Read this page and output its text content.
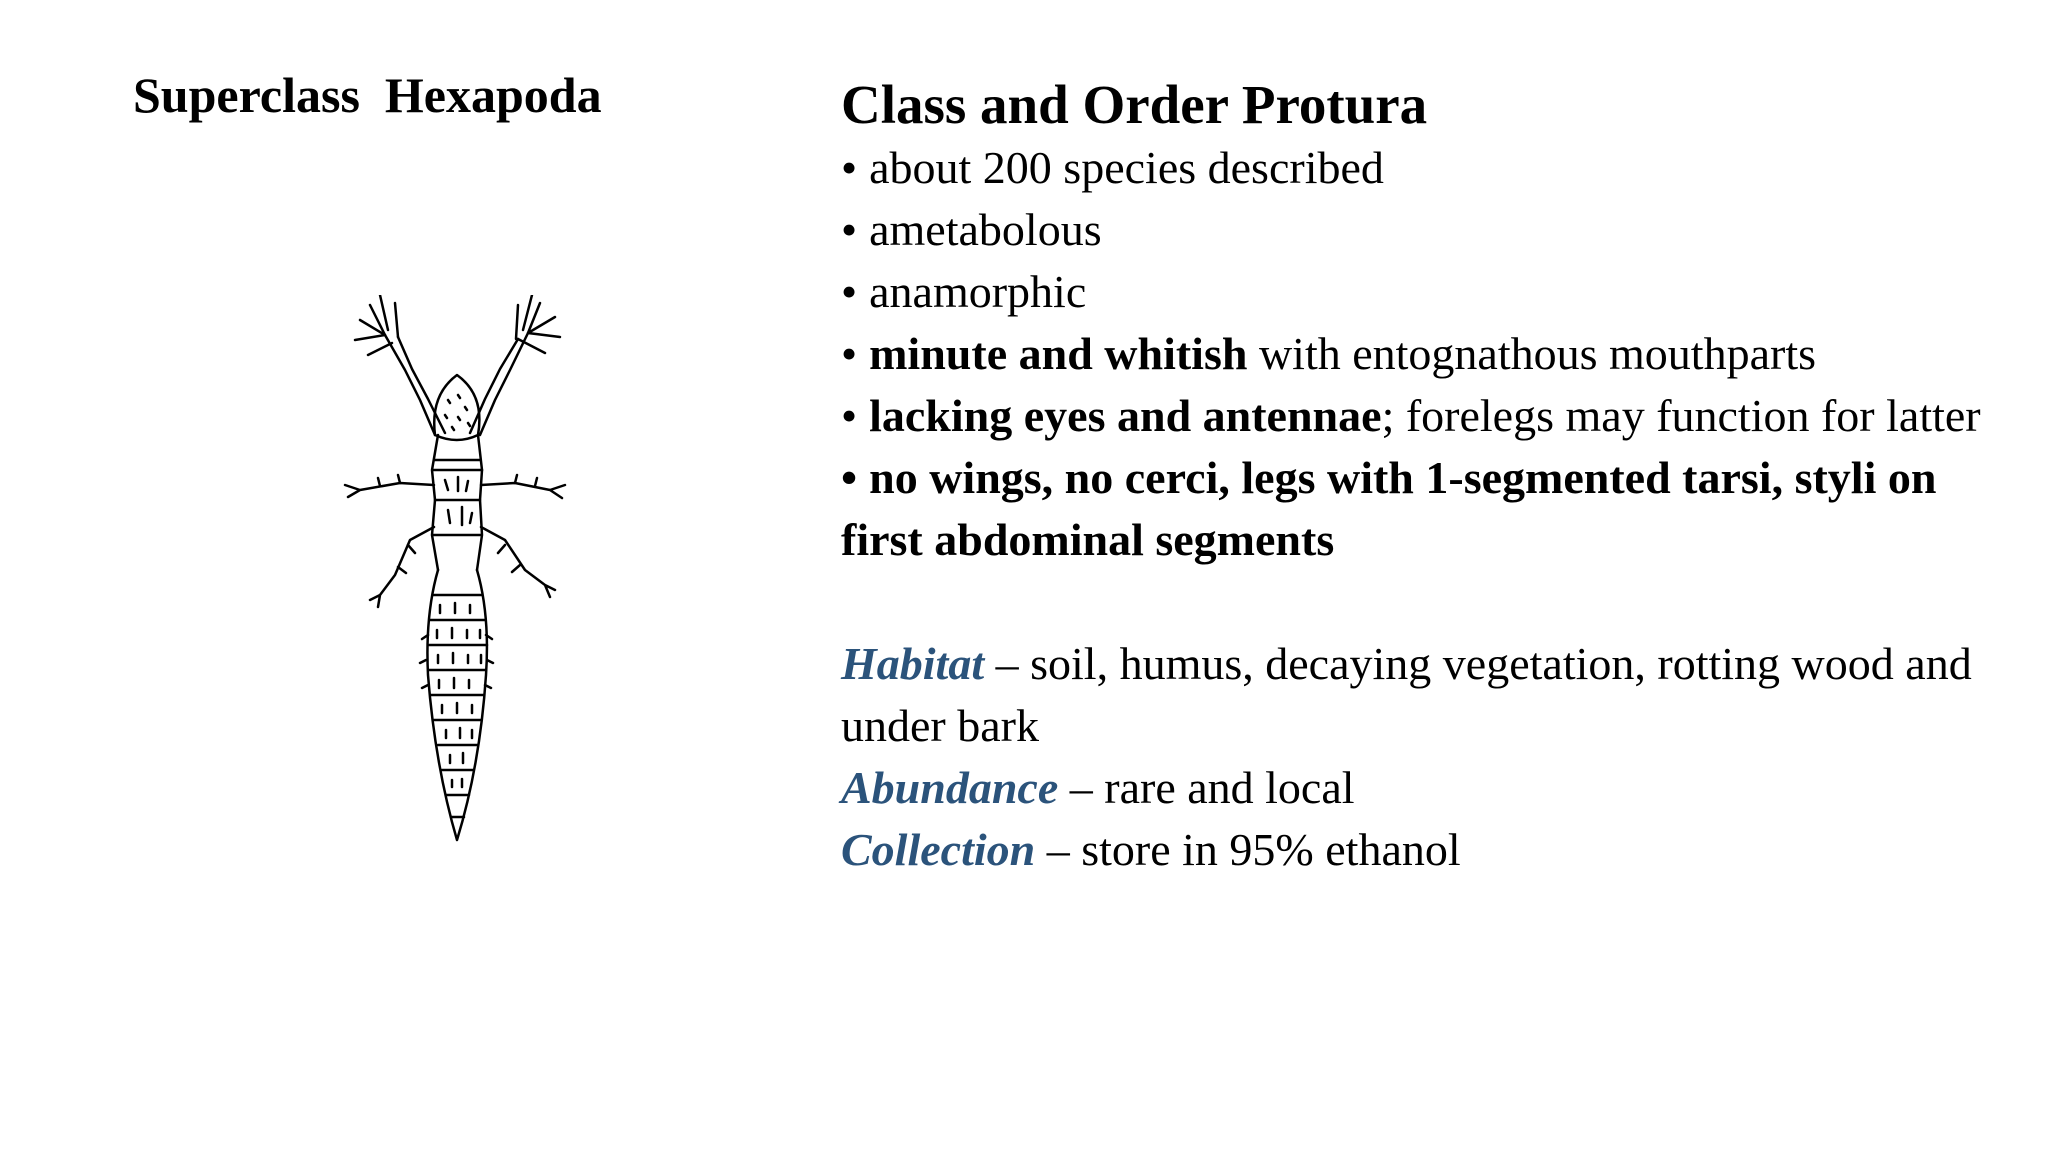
Superclass  Hexapoda	Class and Order Protura
• about 200 species described
• ametabolous
• anamorphic
• minute and whitish with entognathous mouthparts
• lacking eyes and antennae; forelegs may function for latter
• no wings, no cerci, legs with 1-segmented tarsi, styli on first abdominal segments

Habitat – soil, humus, decaying vegetation, rotting wood and under bark

Abundance – rare and local

Collection – store in 95% ethanol
